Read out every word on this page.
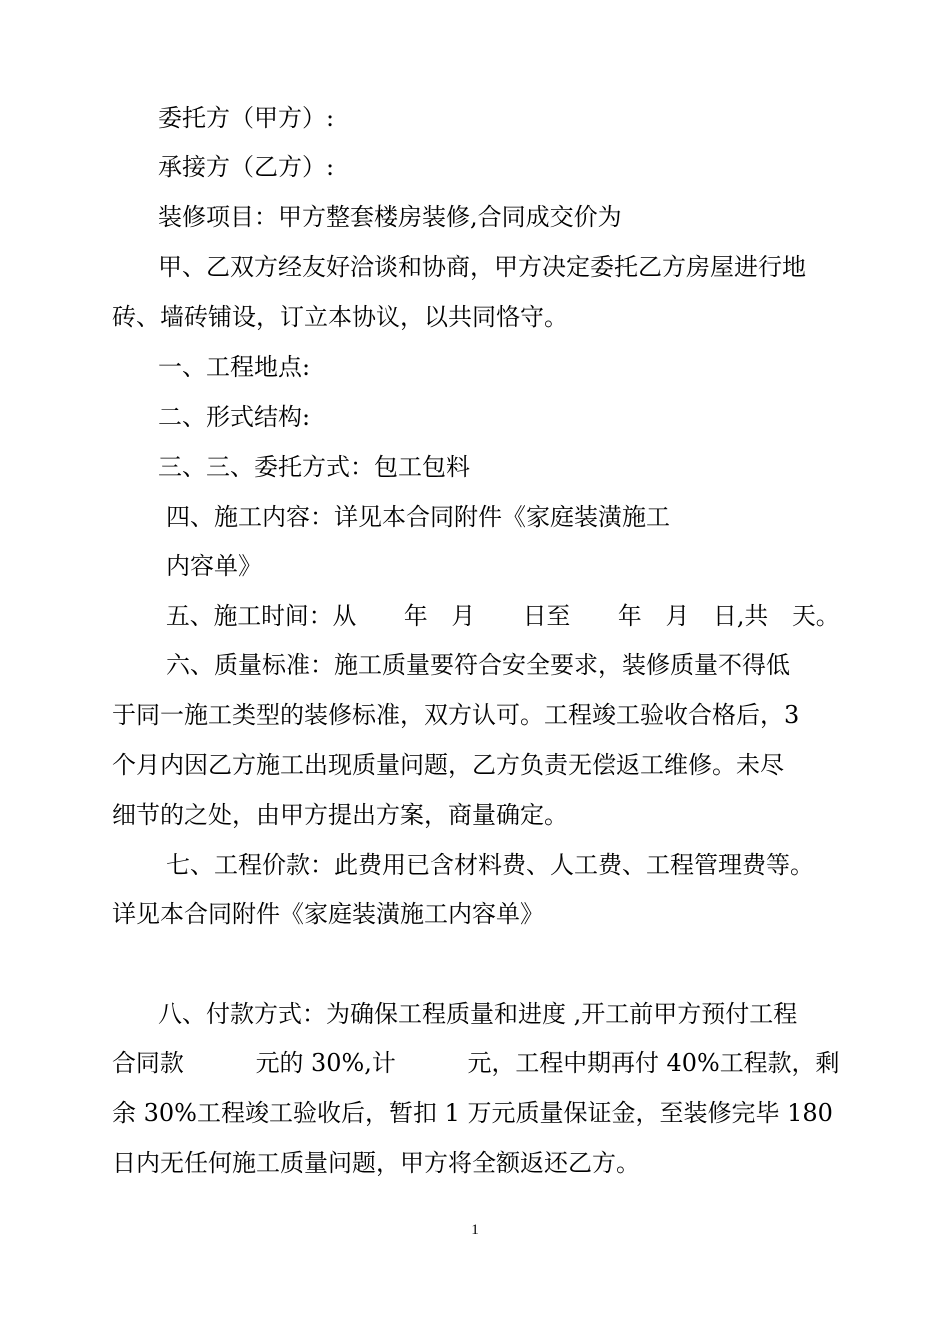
委托方（甲方）:

承接方（乙方）:

装修项目：甲方整套楼房装修,合同成交价为

甲、乙双方经友好洽谈和协商，甲方决定委托乙方房屋进行地

砖、墙砖铺设，订立本协议，以共同恪守。

一、工程地点:

二、形式结构:

三、三、委托方式：包工包料

四、施工内容：详见本合同附件《家庭装潢施工

内容单》

五、施工时间：从　　年　月　　日至　　年　月　日,共　天。

六、质量标准：施工质量要符合安全要求，装修质量不得低

于同一施工类型的装修标准，双方认可。工程竣工验收合格后，3

个月内因乙方施工出现质量问题，乙方负责无偿返工维修。未尽

细节的之处，由甲方提出方案，商量确定。

七、工程价款：此费用已含材料费、人工费、工程管理费等。

详见本合同附件《家庭装潢施工内容单》

八、付款方式：为确保工程质量和进度 ,开工前甲方预付工程

合同款　　　元的 30%,计　　　元，工程中期再付 40%工程款，剩

余 30%工程竣工验收后，暂扣 1 万元质量保证金，至装修完毕 180

日内无任何施工质量问题，甲方将全额返还乙方。

1
